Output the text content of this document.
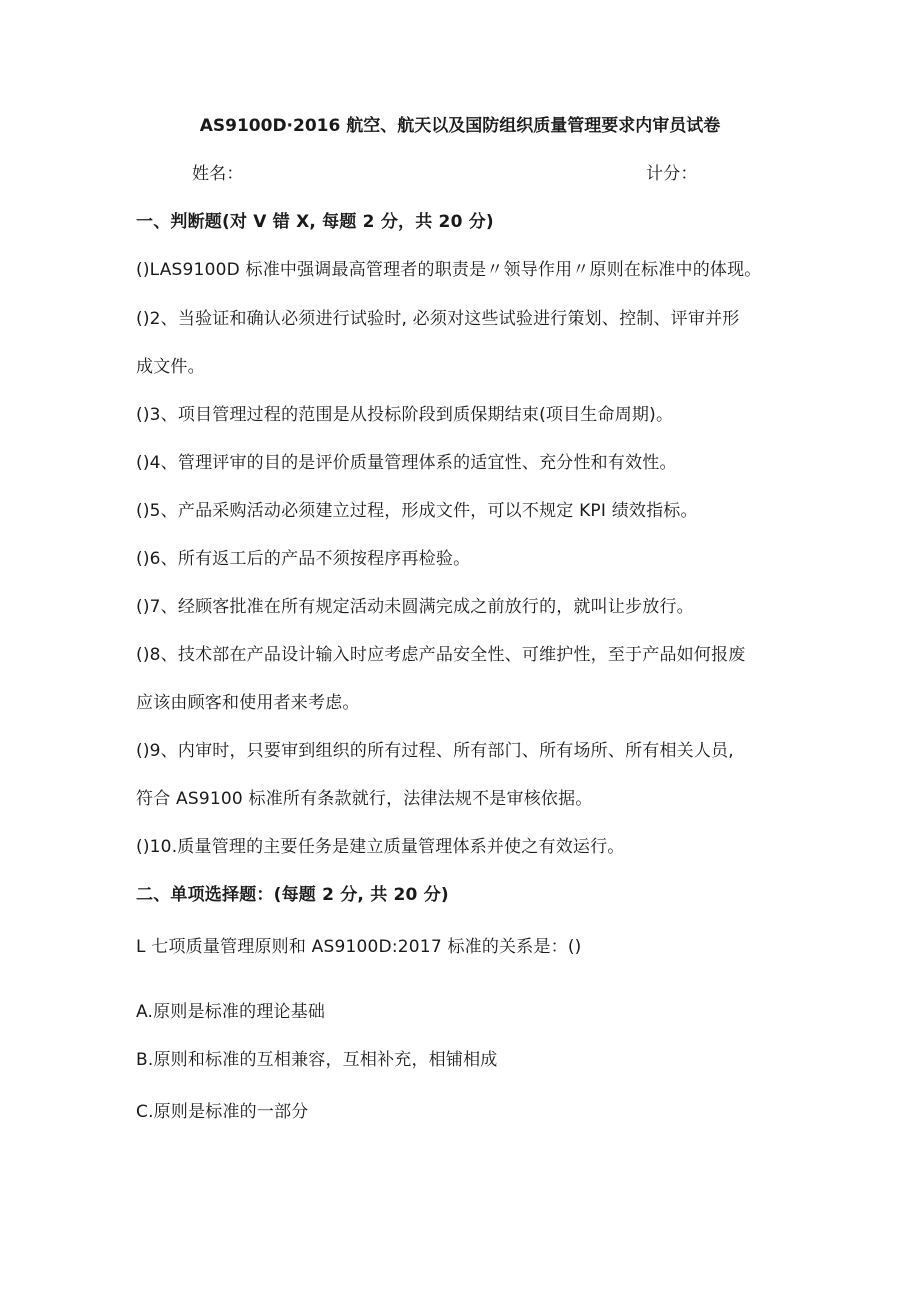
AS9100D·2016 航空、航天以及国防组织质量管理要求内审员试卷
姓名：	计分：
一、判断题(对 V 错 X, 每题 2 分，共 20 分)
()LAS9100D 标准中强调最高管理者的职责是〃领导作用〃原则在标准中的体现。
()2、当验证和确认必须进行试验时, 必须对这些试验进行策划、控制、评审并形
成文件。
()3、项目管理过程的范围是从投标阶段到质保期结束(项目生命周期)。
()4、管理评审的目的是评价质量管理体系的适宜性、充分性和有效性。
()5、产品采购活动必须建立过程，形成文件，可以不规定 KPI 绩效指标。
()6、所有返工后的产品不须按程序再检验。
()7、经顾客批准在所有规定活动未圆满完成之前放行的，就叫让步放行。
()8、技术部在产品设计输入时应考虑产品安全性、可维护性，至于产品如何报废
应该由顾客和使用者来考虑。
()9、内审时，只要审到组织的所有过程、所有部门、所有场所、所有相关人员,
符合 AS9100 标准所有条款就行，法律法规不是审核依据。
()10.质量管理的主要任务是建立质量管理体系并使之有效运行。
二、单项选择题：(每题 2 分, 共 20 分)
L 七项质量管理原则和 AS9100D:2017 标准的关系是：()
A.原则是标准的理论基础
B.原则和标准的互相兼容，互相补充，相铺相成
C.原则是标准的一部分
